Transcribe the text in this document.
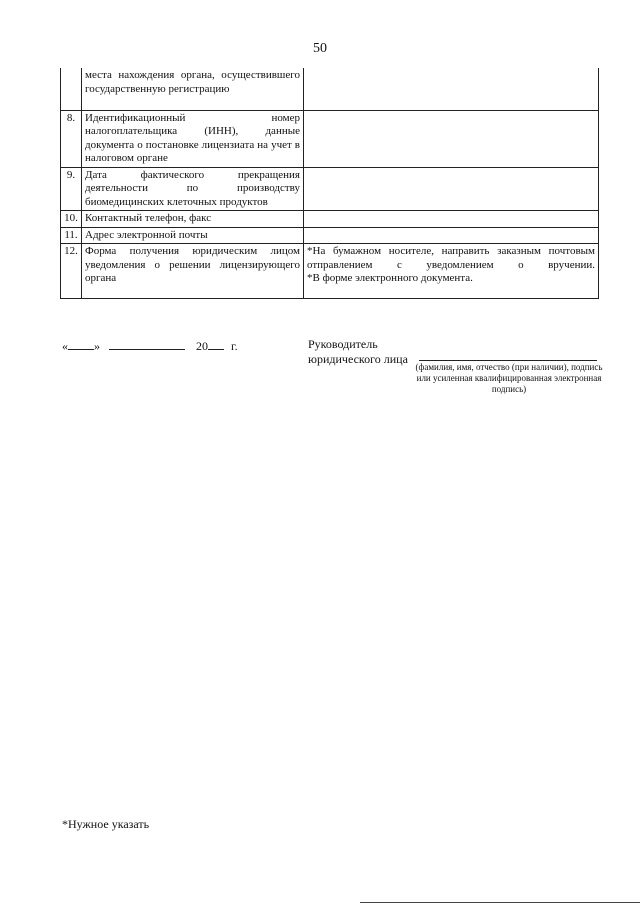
50
	места нахождения органа, осуществившего государственную регистрацию	
8.	Идентификационный номер налогоплательщика (ИНН), данные документа о постановке лицензиата на учет в налоговом органе	
9.	Дата фактического прекращения деятельности по производству биомедицинских клеточных продуктов	
10.	Контактный телефон, факс	
11.	Адрес электронной почты	
12.	Форма получения юридическим лицом уведомления о решении лицензирующего органа	*На бумажном носителе, направить заказным почтовым отправлением с уведомлением о вручении.
*В форме электронного документа.
« »	20 г.	Руководитель
юридического лица
(фамилия, имя, отчество (при наличии), подпись или усиленная квалифицированная электронная подпись)
*Нужное указать
